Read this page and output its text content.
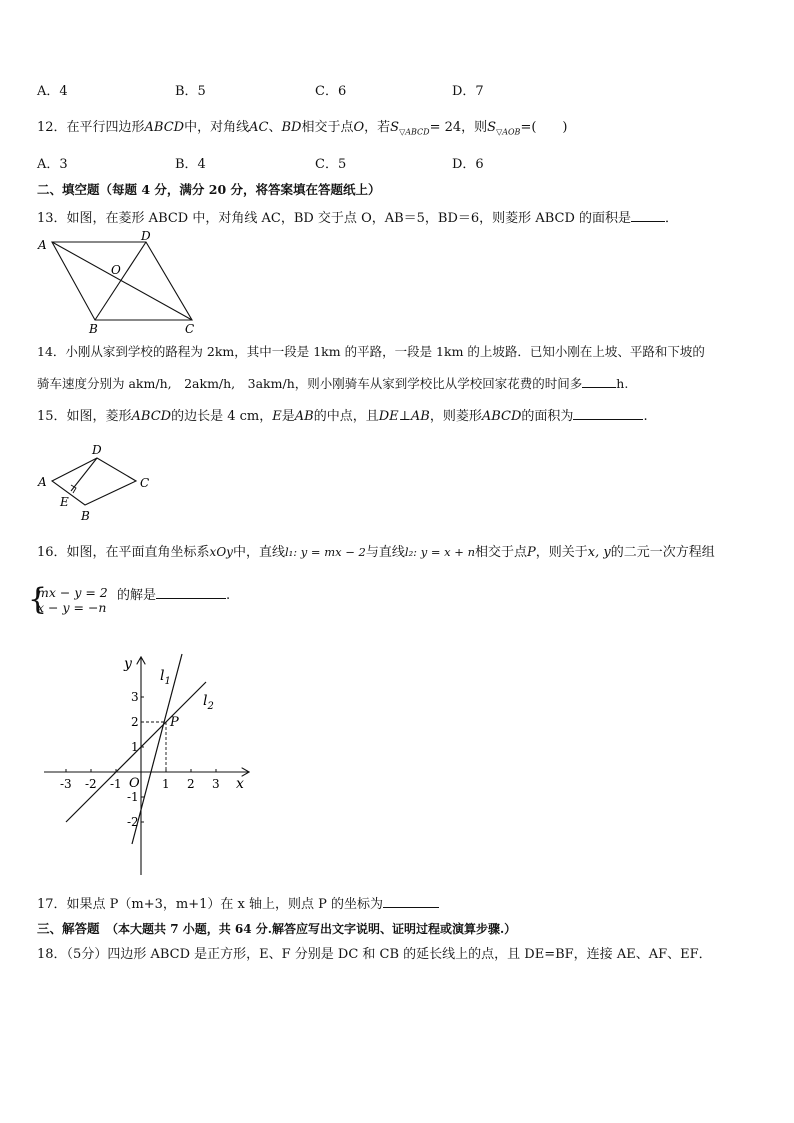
A．4	B．5	C．6	D．7
12．在平行四边形ABCD中，对角线AC、BD相交于点O，若$S_{▽ABCD}= 24$，则$S_{▽AOB}=$(　　)
A．3	B．4	C．5	D．6
二、填空题（每题 4 分，满分 20 分，将答案填在答题纸上）
13．如图，在菱形 ABCD 中，对角线 AC，BD 交于点 O，AB＝5，BD＝6，则菱形 ABCD 的面积是	．
A
D
O
B	C
14．小刚从家到学校的路程为 2km，其中一段是 1km 的平路，一段是 1km 的上坡路．已知小刚在上坡、平路和下坡的
骑车速度分别为 akm/h,　2akm/h,　3akm/h，则小刚骑车从家到学校比从学校回家花费的时间多	h.
15．如图，菱形ABCD的边长是 4 cm，E是AB的中点，且DE⊥AB，则菱形ABCD的面积为	.
A
D
C
E
B
16．如图，在平面直角坐标系xOy中，直线l₁: y = mx − 2与直线l₂: y = x + n相交于点P，则关于x, y的二元一次方程组
{
mx − y = 2
x − y = −n
的解是	.
y
x
O
$l_1$
$l_2$
P
-3 -2 -1	1 2 3
3
2
1
-1
-2
17．如果点 P（m+3，m+1）在 x 轴上，则点 P 的坐标为
三、解答题　 （本大题共 7 小题，共 64 分.解答应写出文字说明、证明过程或演算步骤.）
18．（5分）四边形 ABCD 是正方形，E、F 分别是 DC 和 CB 的延长线上的点，且 DE=BF，连接 AE、AF、EF．
